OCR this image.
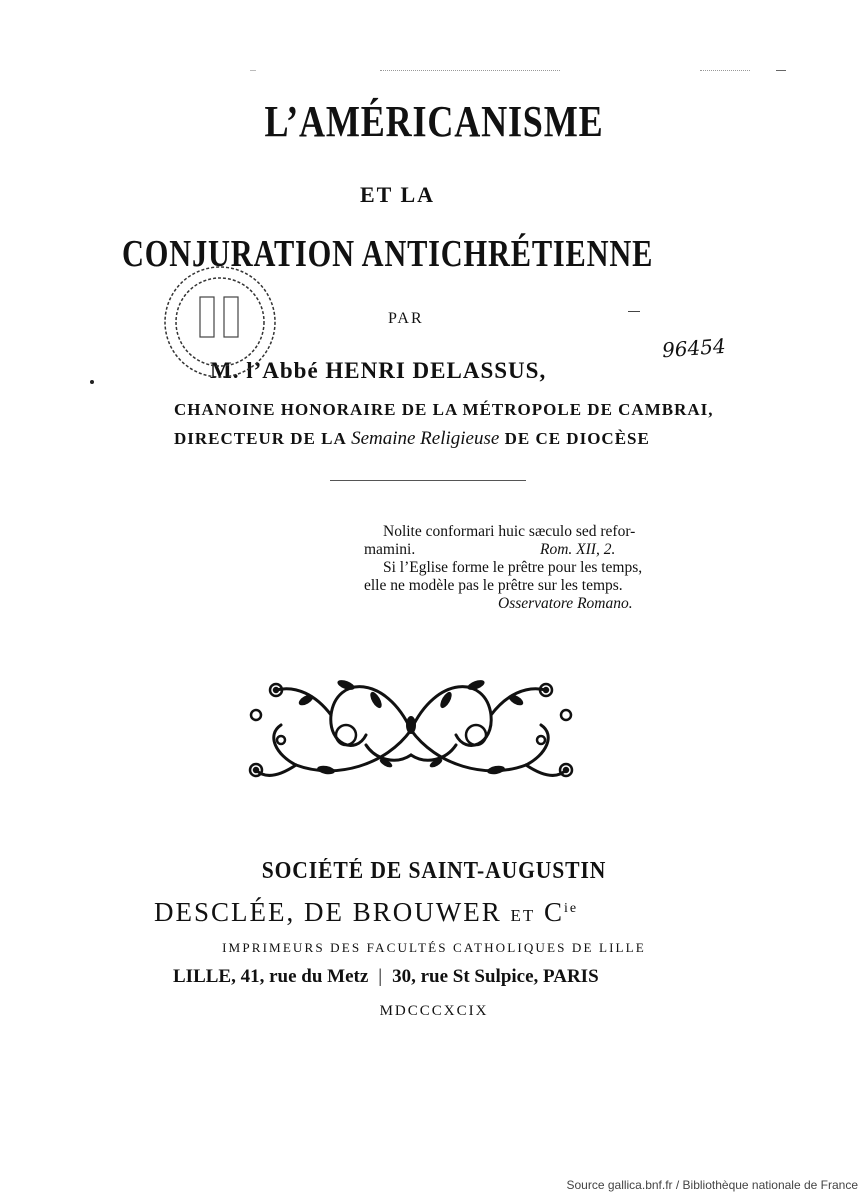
L’AMÉRICANISME
ET LA
CONJURATION ANTICHRÉTIENNE
PAR
M. l’Abbé HENRI DELASSUS,
CHANOINE HONORAIRE DE LA MÉTROPOLE DE CAMBRAI,
DIRECTEUR DE LA Semaine Religieuse DE CE DIOCÈSE
Nolite conformari huic sæculo sed refor-
mamini.	Rom. XII, 2.
Si l’Eglise forme le prêtre pour les temps,
elle ne modèle pas le prêtre sur les temps.
Osservatore Romano.
96454
SOCIÉTÉ DE SAINT-AUGUSTIN
DESCLÉE, DE BROUWER ET $C^{ie}$
IMPRIMEURS DES FACULTÉS CATHOLIQUES DE LILLE
LILLE, 41, rue du Metz | 30, rue St Sulpice, PARIS
MDCCCXCIX
Source gallica.bnf.fr / Bibliothèque nationale de France
